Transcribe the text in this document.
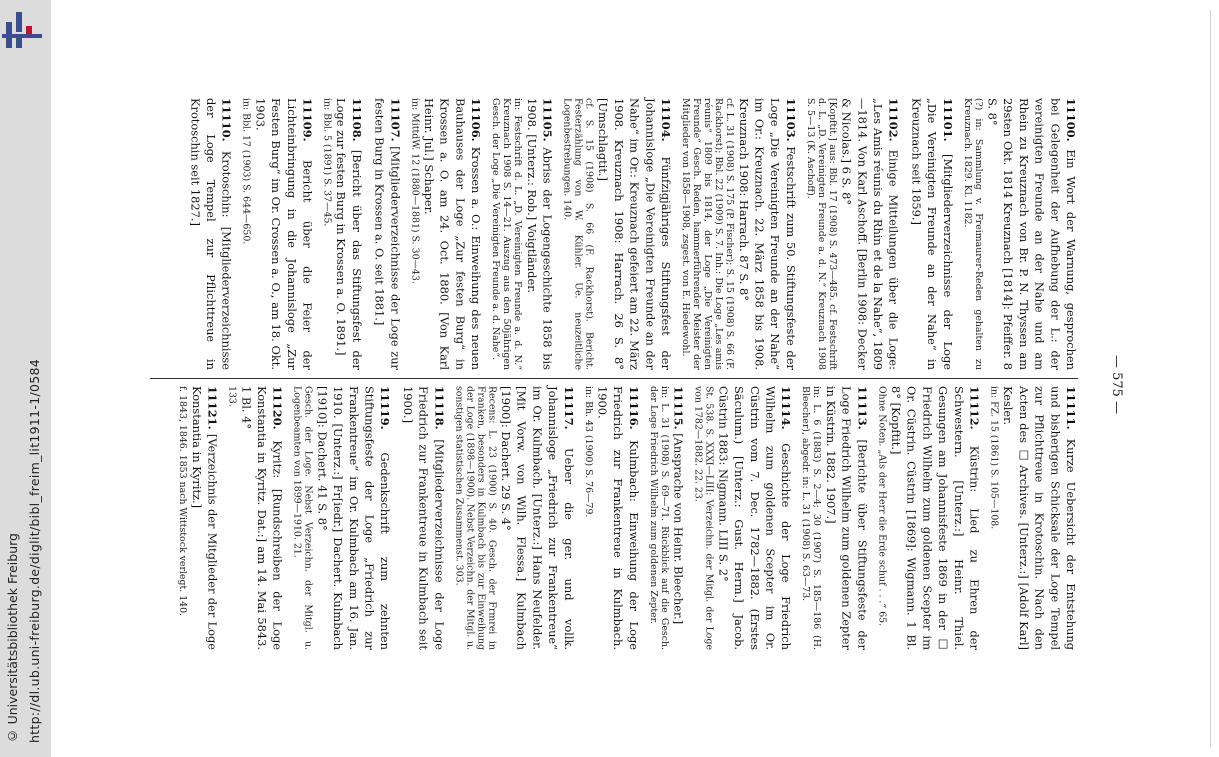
http://dl.ub.uni-freiburg.de/diglit/bibl_freim_lit1911-1/0584
© Universitätsbibliothek Freiburg
— 575 —
11100. Ein Wort der Warnung, gesprochen bei Gelegenheit der Aufhebung der L.: der vereinigten Freunde an der Nahe und am Rhein zu Kreuznach von Br. P. N. Thyssen am 29sten Okt. 1814 Kreuznach [1814]: Pfeiffer. 8 S. 8°
(?) in: Sammlung v. Freimaurer-Reden gehalten zu Kreuznach. 1829. Kl. 1182.
11101. [Mitgliederverzeichnisse der Loge „Die Vereinigten Freunde an der Nahe“ in Kreuznach seit 1859.]
11102. Einige Mitteilungen über die Loge: „Les Amis réunis du Rhin et de la Nahe“, 1809—1814. Von Karl Aschoff. [Berlin 1908: Decker & Nicolas.] 6 S. 8°
[Kopftit.] aus: Bbl. 17 (1908) S. 473—485. cf. Festschrift d. L. „D. Vereinigten Freunde a. d. N.“ Kreuznach 1908 S. 5—13 (K. Aschoff).
11103. Festschrift zum 50. Stiftungsfeste der Loge „Die Vereinigten Freunde an der Nahe“ im Or.: Kreuznach. 22. März 1858 bis 1908. Kreuznach 1908: Harrach. 87 S. 8°
cf. L. 31 (1908) S. 175 (P. Fischer); S. 15 (1908) S. 66 (F. Rackhorst); Bbl. 22 (1909) S. 7. Inh.: Die Loge „Les amis réunis“ 1809 bis 1814, der Loge „Die Vereinigten Freunde“ Gesch. Reden, hammerführender Meister der Mitglieder von 1858—1908, zsgest. von E. Hiedewohl.
11104. Fünfzigjähriges Stiftungsfest der Johannisloge „Die Vereinigten Freunde an der Nahe“ im Or.: Kreuznach gefeiert am 22. März 1908. Kreuznach 1908: Harrach. 26 S. 8° [Umschlagtit.]
cf. S. 15 (1908) S. 66 (F. Rackhorst). Bericht. Festerzählung von W. Kühler. Ue. neuzeitliche Logenbestrebungen. 140.
11105. Abriss der Logengeschichte 1858 bis 1908. [Unterz.: Rob.] Voigtländer.
in: Festschrift d. L. „D. Vereinigten Freunde a. d. N.“ Kreuznach 1908 S. 14—21. Auszug aus den 50jährigen Gesch. der Loge „Die Vereinigten Freunde a. d. Nahe“.
11106. Krossen a. O.: Einweihung des neuen Bauhauses der Loge „Zur festen Burg“ in Krossen a. O. am 24. Oct. 1880. [Von Karl Heinr. Jul.] Schaper.
in: MittdW. 12 (1880—1881) S. 30—43.
11107. [Mitgliederverzeichnisse der Loge zur festen Burg in Krossen a. O. seit 1881.]
11108. [Bericht über das Stiftungsfest der Loge zur festen Burg in Krossen a. O. 1891.]
in: Bbl. 5 (1891) S. 37—45.
11109. Bericht über die Feier der Lichteinbringung in die Johannisloge „Zur Festen Burg“ im Or. Crossen a. O., am 18. Okt. 1903.
in: Bbl. 17 (1903) S. 644—650.
11110. Krotoschin: [Mitgliederverzeichnisse der Loge Tempel zur Pflichttreue in Krotoschin seit 1827.]
11111. Kurze Uebersicht der Entstehung und bisherigen Schicksale der Loge Tempel zur Pflichttreue in Krotoschin. Nach den Acten des □ Archives. [Unterz.:] [Adolf Karl] Kesler.
in: FZ. 15 (1861) S. 105—108.
11112. Küstrin: Lied zu Ehren der Schwestern. [Unterz.:] Heinr. Thiel. Gesungen am Johannisfeste 1869 in der □ Friedrich Wilhelm zum goldenen Scepter im Or. Cüstrin. Cüstrin [1869]: Wigmann. 1 Bl. 8° [Kopftit.]
Ohne Noten. „Als der Herr die Erde schuf . . .“ 65.
11113. [Berichte über Stiftungsfeste der Loge Friedrich Wilhelm zum goldenen Zepter in Küstrin. 1882. 1907.]
in: L. 6 (1883) S. 2—4; 30 (1907) S. 185—186 (H. Bleecher), abgedr. in: L. 31 (1908) S. 63—73.
11114. Geschichte der Loge Friedrich Wilhelm zum goldenen Scepter im Or. Cüstrin vom 7. Dec. 1782—1882. (Erstes Säculum.) [Unterz.: Gust. Herm.] Jacob. Cüstrin 1883: Nigmann. LIII S. 2°
St. 538. S. XXXI—LIII: Verzeichn. der Mitgl. der Loge von 1782—1882. 22. 23.
11115. [Ansprache von Heinr. Bleecher.]
in: L. 31 (1908) S. 69—71. Rückblick auf die Gesch. der Loge Friedrich Wilhelm zum goldenen Zepter.
11116. Kulmbach: Einweihung der Loge Friedrich zur Frankentreue in Kulmbach. 1900.
in: Bh. 43 (1900) S. 76—79.
11117. Ueber die ger. und vollk. Johannisloge „Friedrich zur Frankentreue“ im Or. Kulmbach. [Unterz.:] Hans Neufelder. [Mit Vorw. von Wilh. Flessa.] Kulmbach [1900]: Dachert. 29 S. 4°
Recens: L. 23 (1900) S. 40. Gesch. der Frmrei in Franken, besonders in Kulmbach bis zur Einweihung der Loge (1898—1900). Nebst Verzeichn. der Mitgl. u. sonstigen statistischen Zusammenst. 303.
11118. [Mitgliederverzeichnisse der Loge Friedrich zur Frankentreue in Kulmbach seit 1900.]
11119. Gedenkschrift zum zehnten Stiftungsfeste der Loge „Friedrich zur Frankentreue“ im Or. Kulmbach am 16. Jan. 1910. [Unterz.:] Fr[iedr.] Dachert. Kulmbach [1910]: Dachert. 41 S. 8°
Gesch. der Loge. Nebst Verzeichn. der Mitgl. u. Logenbeamten von 1899—1910. 21.
11120. Kyritz: [Rundschreiben der Loge Konstantia in Kyritz. Dat.:] am 14. Mai 5843. 1 Bl. 4°
133.
11121. [Verzeichnis der Mitglieder der Loge Konstantia in Kyritz.]
f. 1843, 1846. 1853 nach Wittstock verlegt. 140.
